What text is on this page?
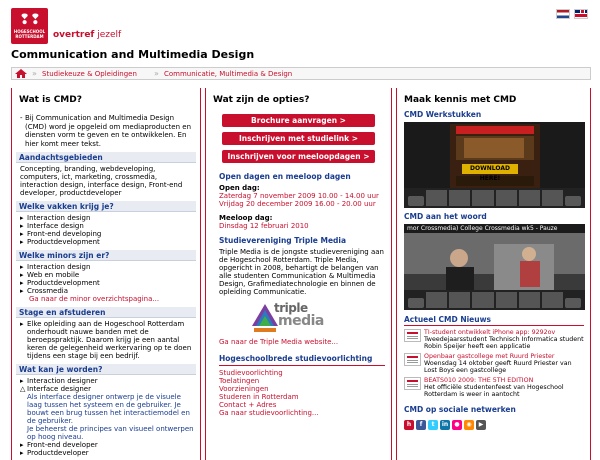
❢❢
HOGESCHOOL
ROTTERDAM	overtref jezelf
Communication and Multimedia Design
» Studiekeuze & Opleidingen » Communicatie, Multimedia & Design
Wat is CMD?
- Bij Communication and Multimedia Design (CMD) word je opgeleid om mediaproducten en diensten vorm te geven en te ontwikkelen. En hier komt meer tekst.
Aandachtsgebieden
Concepting, branding, webdeveloping, computers, ict, marketing, crossmedia, interaction design, interface design, Front-end developer, productdeveloper
Welke vakken krijg je?
▸ Interaction design
▸ Interface design
▸ Front-end developing
▸ Productdevelopment
Welke minors zijn er?
▸ Interaction design
▸ Web en mobile
▸ Productdevelopment
▸ Crossmedia
Ga naar de minor overzichtspagina...
Stage en afstuderen
▸ Elke opleiding aan de Hogeschool Rotterdam onderhoudt nauwe banden met de beroepspraktijk. Daarom krijg je een aantal keren de gelegenheid werkervaring op te doen tijdens een stage bij een bedrijf.
Wat kan je worden?
▸ Interaction designer
△ Interface designer
Als interface designer ontwerp je de visuele laag tussen het systeem en de gebruiker. Je bouwt een brug tussen het interactiemodel en de gebruiker.
Je beheerst de principes van visueel ontwerpen op hoog niveau.
▸ Front-end developer
▸ Productdeveloper
Wat zijn de opties?
Brochure aanvragen >
Inschrijven met studielink >
Inschrijven voor meeloopdagen >
Open dagen en meeloop dagen
Open dag:
Zaterdag 7 november 2009 10.00 - 14.00 uur
Vrijdag 20 december 2009 16.00 - 20.00 uur
Meeloop dag:
Dinsdag 12 februari 2010
Studievereniging Triple Media
Triple Media is de jongste studievereniging aan de Hogeschool Rotterdam. Triple Media, opgericht in 2008, behartigt de belangen van alle studenten Communication & Multimedia Design, Grafimediatechnologie en binnen de opleiding Communicatie.
triple
media
Ga naar de Triple Media website...
Hogeschoolbrede studievoorlichting
Studievoorlichting
Toelatingen
Voorzieningen
Studeren in Rotterdam
Contact + Adres
Ga naar studievoorlichting...
Maak kennis met CMD
CMD Werkstukken
DOWNLOAD HERE!
CMD aan het woord
mor Crossmedia) College Crossmedia wk5 - Pauze
Actueel CMD Nieuws
TI-student ontwikkelt iPhone app: 9292ov
Tweedejaarsstudent Technisch Informatica student Robin Speijer heeft een applicatie
Openbaar gastcollege met Ruurd Priester
Woensdag 14 oktober geeft Ruurd Priester van Lost Boys een gastcollege
BEATS010 2009: THE 5TH EDITION
Het officiële studentenfeest van Hogeschool Rotterdam is weer in aantocht
CMD op sociale netwerken
h	f	t	in	●	◉	▶
